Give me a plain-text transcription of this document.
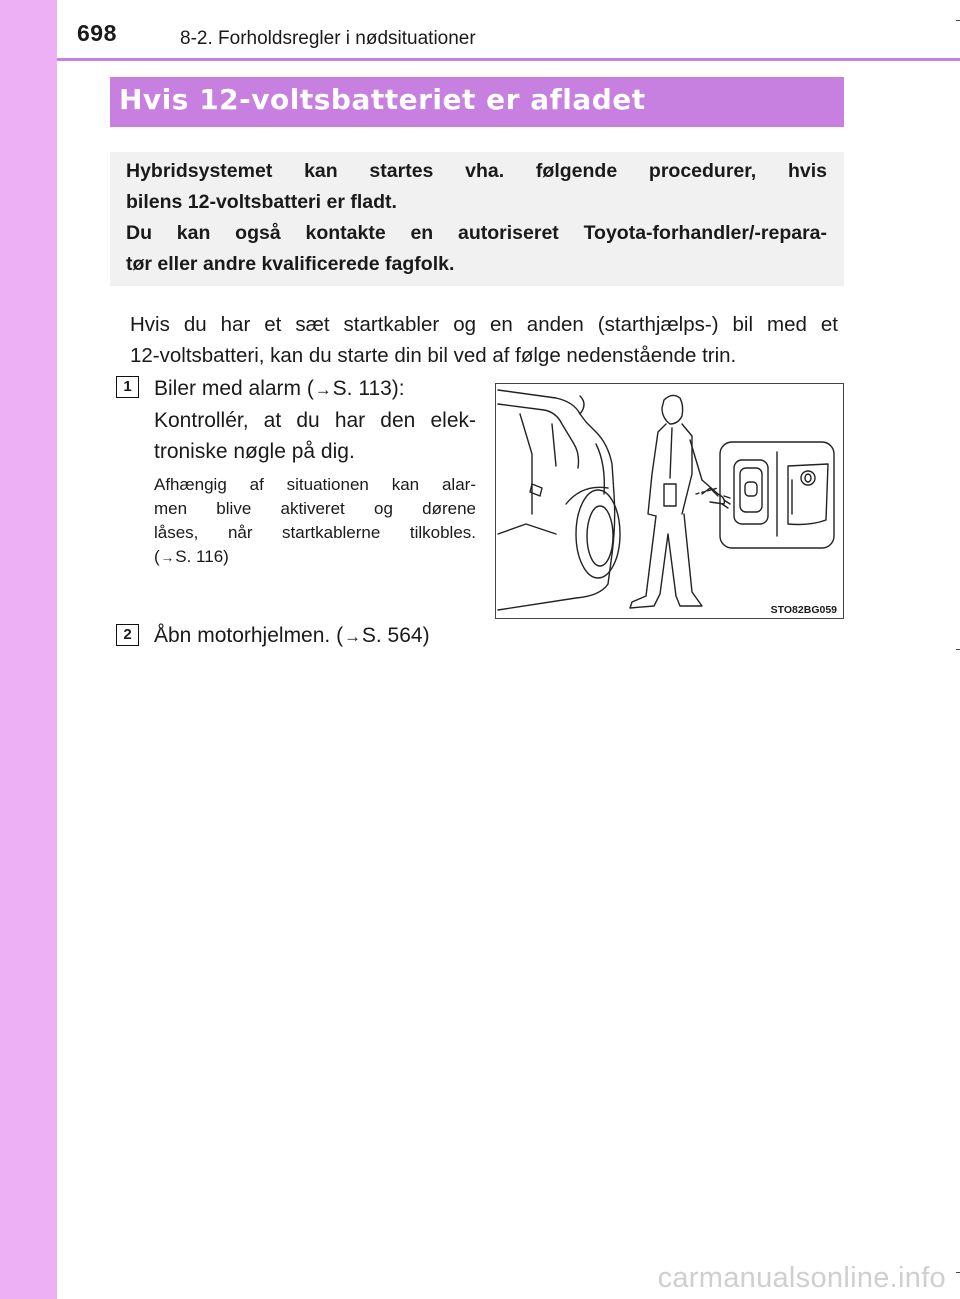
698	8-2. Forholdsregler i nødsituationer
Hvis 12-voltsbatteriet er afladet

Hybridsystemet kan startes vha. følgende procedurer, hvis

bilens 12-voltsbatteri er fladt.

Du kan også kontakte en autoriseret Toyota-forhandler/-repara-

tør eller andre kvalificerede fagfolk.

Hvis du har et sæt startkabler og en anden (starthjælps-) bil med et
12-voltsbatteri, kan du starte din bil ved af følge nedenstående trin.
1	Biler med alarm (→S. 113):
Kontrollér, at du har den elek-
troniske nøgle på dig.
Afhængig af situationen kan alar-
men blive aktiveret og dørene
låses, når startkablerne tilkobles.
(→S. 116)
STO82BG059
2	Åbn motorhjelmen. (→S. 564)
carmanualsonline.info
